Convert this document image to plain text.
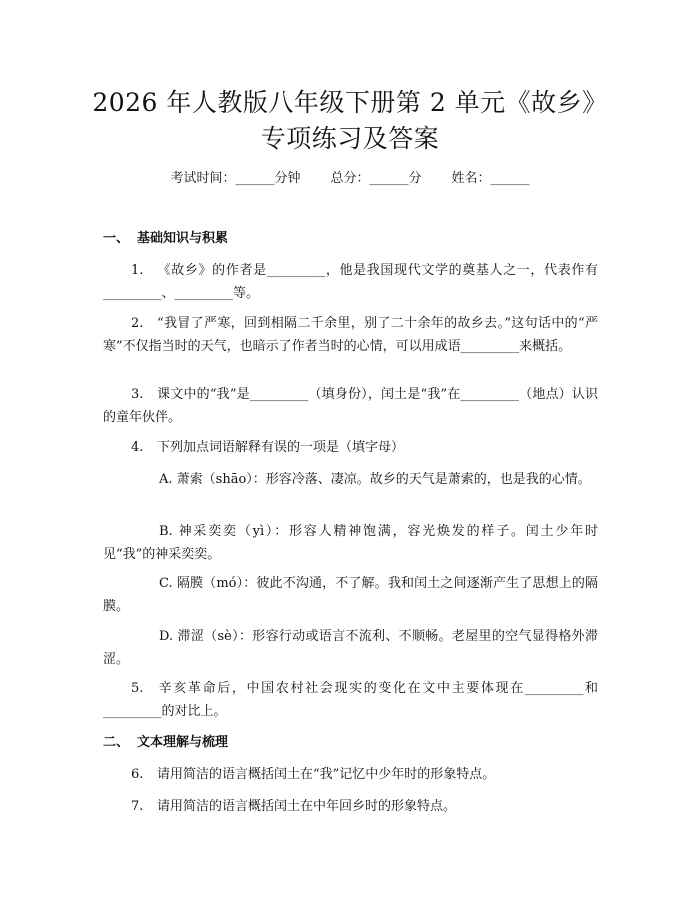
2026 年人教版八年级下册第 2 单元《故乡》
专项练习及答案
考试时间：______分钟 总分：______分 姓名：______
一、 基础知识与积累

1. 《故乡》的作者是_________，他是我国现代文学的奠基人之一，代表作有_________、_________等。

2. “我冒了严寒，回到相隔二千余里，别了二十余年的故乡去。”这句话中的“严寒”不仅指当时的天气，也暗示了作者当时的心情，可以用成语_________来概括。

3. 课文中的“我”是_________（填身份），闰土是“我”在_________（地点）认识的童年伙伴。

4. 下列加点词语解释有误的一项是（填字母）

A. 萧索（shāo）：形容冷落、凄凉。故乡的天气是萧索的，也是我的心情。

B. 神采奕奕（yì）：形容人精神饱满，容光焕发的样子。闰土少年时见“我”的神采奕奕。

C. 隔膜（mó）：彼此不沟通，不了解。我和闰土之间逐渐产生了思想上的隔膜。

D. 滞涩（sè）：形容行动或语言不流利、不顺畅。老屋里的空气显得格外滞涩。

5. 辛亥革命后，中国农村社会现实的变化在文中主要体现在_________和_________的对比上。

二、 文本理解与梳理

6. 请用简洁的语言概括闰土在“我”记忆中少年时的形象特点。

7. 请用简洁的语言概括闰土在中年回乡时的形象特点。
